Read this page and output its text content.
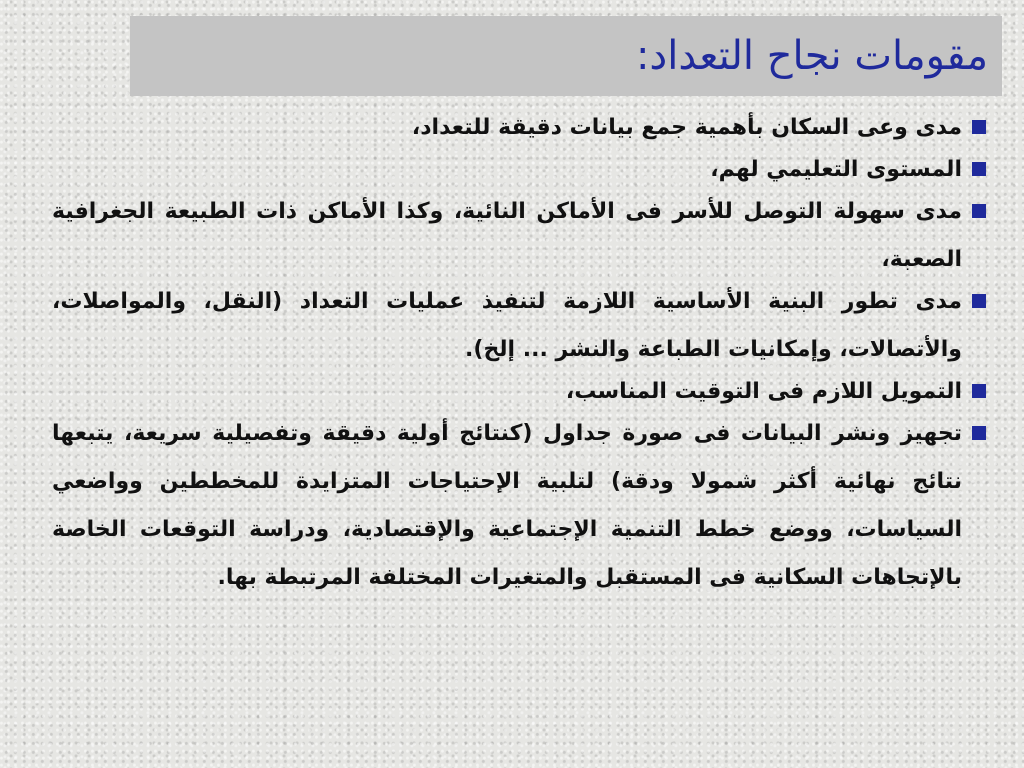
مقومات نجاح التعداد:
مدى وعى السكان بأهمية جمع بيانات دقيقة للتعداد،
المستوى التعليمي لهم،
مدى سهولة التوصل للأسر فى الأماكن النائية، وكذا الأماكن ذات الطبيعة الجغرافية الصعبة،
مدى تطور البنية الأساسية اللازمة لتنفيذ عمليات التعداد (النقل، والمواصلات، والأتصالات، وإمكانيات الطباعة والنشر ... إلخ).
التمويل اللازم فى التوقيت المناسب،
تجهيز ونشر البيانات فى صورة جداول (كنتائج أولية دقيقة وتفصيلية سريعة، يتبعها نتائج نهائية أكثر شمولا ودقة) لتلبية الإحتياجات المتزايدة للمخططين وواضعي السياسات، ووضع خطط التنمية الإجتماعية والإقتصادية، ودراسة التوقعات الخاصة بالإتجاهات السكانية فى المستقبل والمتغيرات المختلفة المرتبطة بها.
